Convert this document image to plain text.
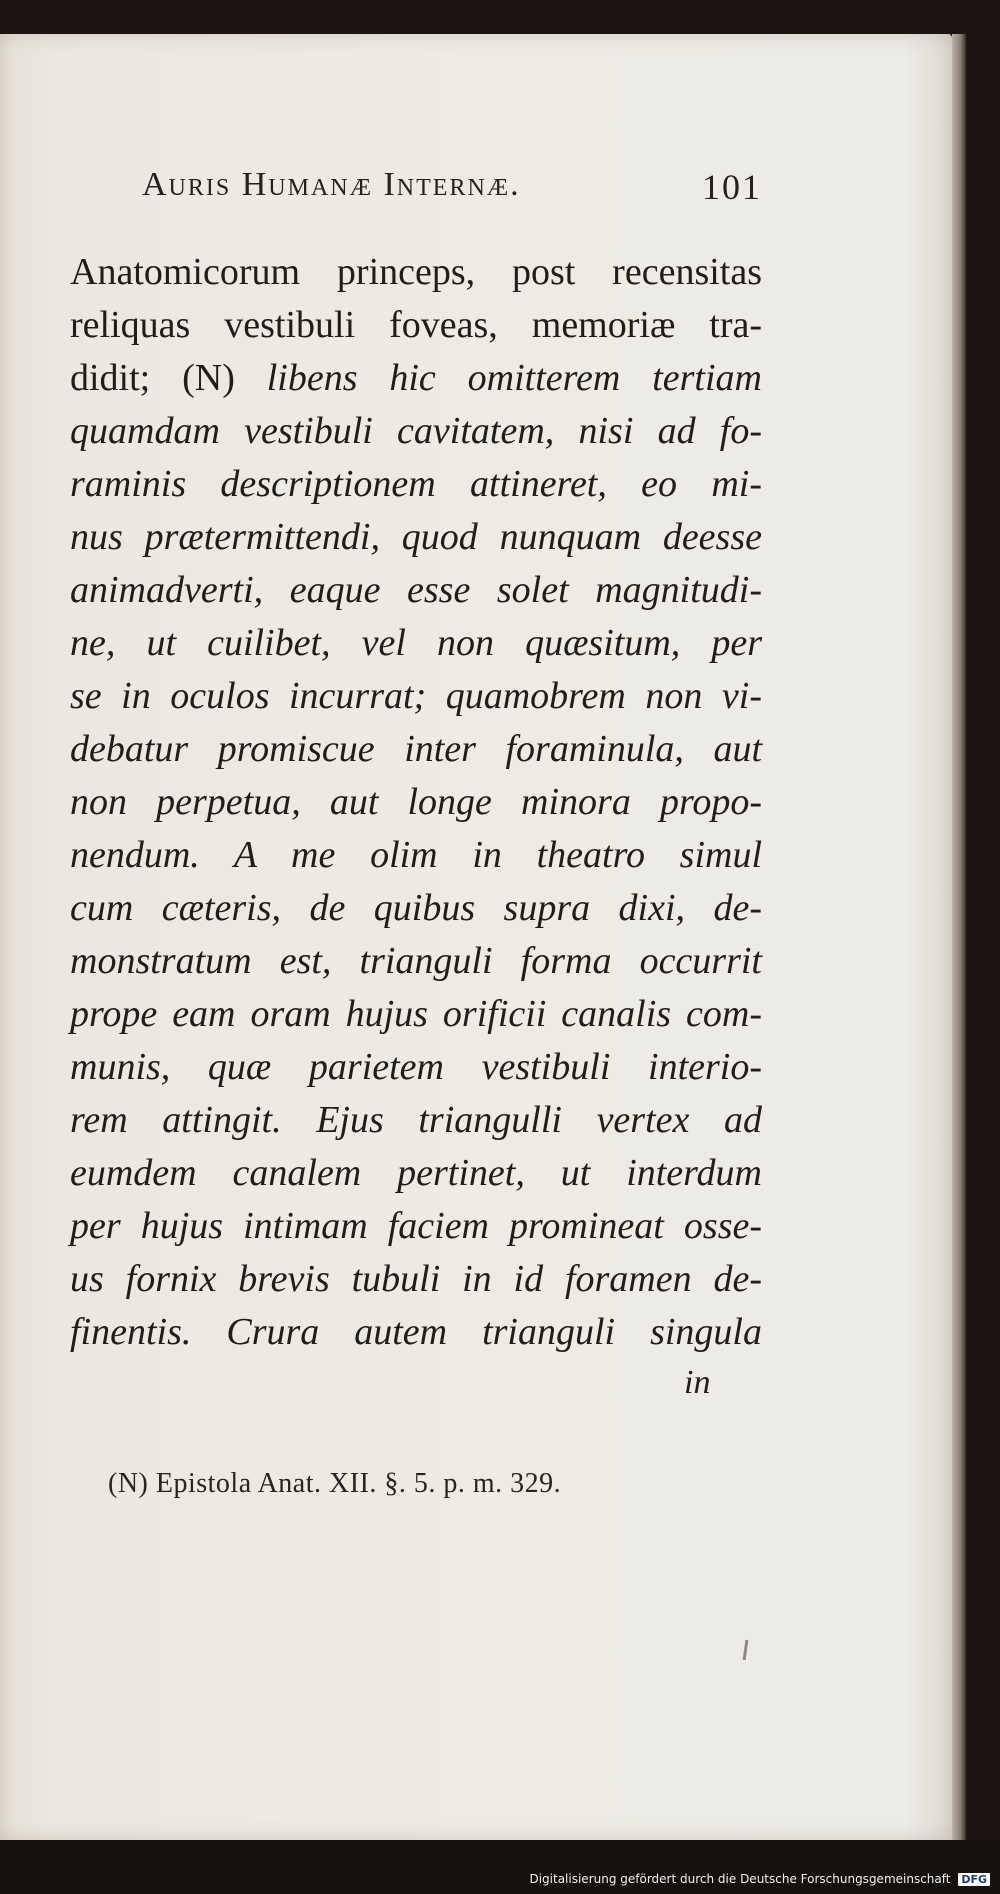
Auris Humanæ Internæ.	101
Anatomicorum princeps, post recensitas
reliquas vestibuli foveas, memoriæ tra-
didit; (N) libens hic omitterem tertiam
quamdam vestibuli cavitatem, nisi ad fo-
raminis descriptionem attineret, eo mi-
nus prætermittendi, quod nunquam deesse
animadverti, eaque esse solet magnitudi-
ne, ut cuilibet, vel non quæsitum, per
se in oculos incurrat; quamobrem non vi-
debatur promiscue inter foraminula, aut
non perpetua, aut longe minora propo-
nendum. A me olim in theatro simul
cum cæteris, de quibus supra dixi, de-
monstratum est, trianguli forma occurrit
prope eam oram hujus orificii canalis com-
munis, quæ parietem vestibuli interio-
rem attingit. Ejus triangulli vertex ad
eumdem canalem pertinet, ut interdum
per hujus intimam faciem promineat osse-
us fornix brevis tubuli in id foramen de-
finentis. Crura autem trianguli singula
in
(N) Epistola Anat. XII. §. 5. p. m. 329.
Digitalisierung gefördert durch die Deutsche Forschungsgemeinschaft DFG
